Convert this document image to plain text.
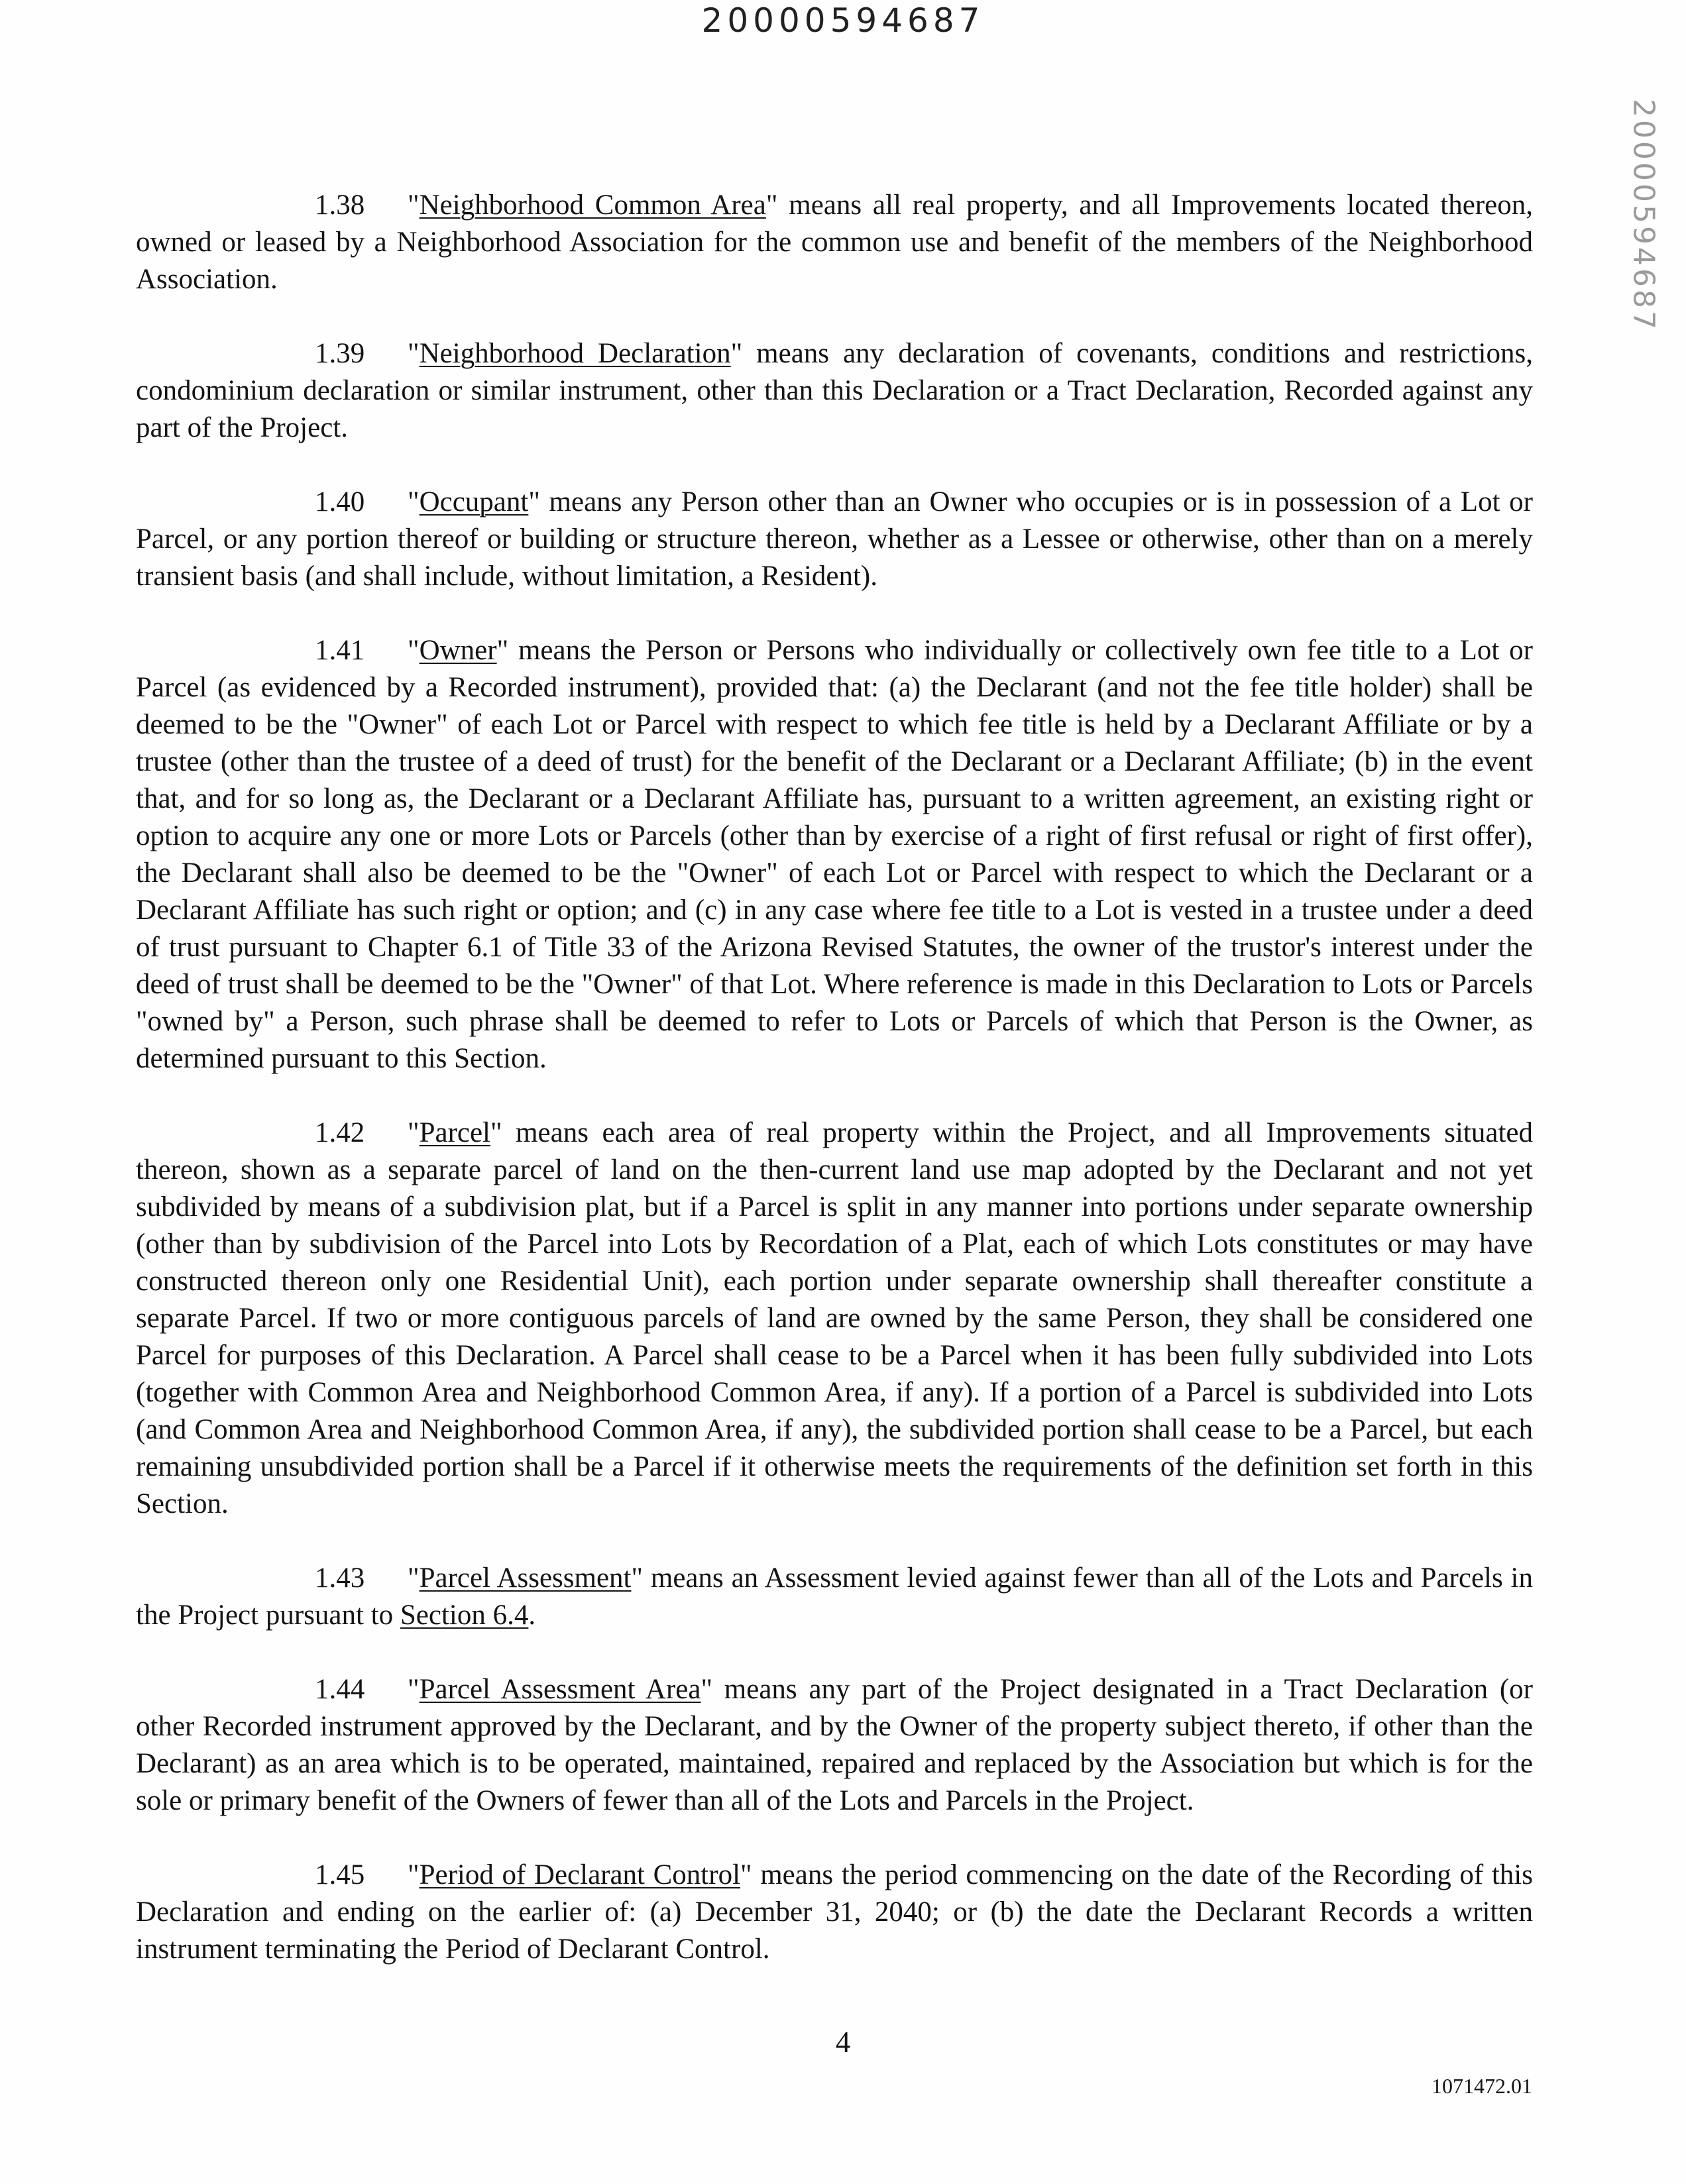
20000594687
20000594687

1.38 "Neighborhood Common Area" means all real property, and all Improvements located thereon, owned or leased by a Neighborhood Association for the common use and benefit of the members of the Neighborhood Association.

1.39 "Neighborhood Declaration" means any declaration of covenants, conditions and restrictions, condominium declaration or similar instrument, other than this Declaration or a Tract Declaration, Recorded against any part of the Project.

1.40 "Occupant" means any Person other than an Owner who occupies or is in possession of a Lot or Parcel, or any portion thereof or building or structure thereon, whether as a Lessee or otherwise, other than on a merely transient basis (and shall include, without limitation, a Resident).

1.41 "Owner" means the Person or Persons who individually or collectively own fee title to a Lot or Parcel (as evidenced by a Recorded instrument), provided that: (a) the Declarant (and not the fee title holder) shall be deemed to be the "Owner" of each Lot or Parcel with respect to which fee title is held by a Declarant Affiliate or by a trustee (other than the trustee of a deed of trust) for the benefit of the Declarant or a Declarant Affiliate; (b) in the event that, and for so long as, the Declarant or a Declarant Affiliate has, pursuant to a written agreement, an existing right or option to acquire any one or more Lots or Parcels (other than by exercise of a right of first refusal or right of first offer), the Declarant shall also be deemed to be the "Owner" of each Lot or Parcel with respect to which the Declarant or a Declarant Affiliate has such right or option; and (c) in any case where fee title to a Lot is vested in a trustee under a deed of trust pursuant to Chapter 6.1 of Title 33 of the Arizona Revised Statutes, the owner of the trustor's interest under the deed of trust shall be deemed to be the "Owner" of that Lot. Where reference is made in this Declaration to Lots or Parcels "owned by" a Person, such phrase shall be deemed to refer to Lots or Parcels of which that Person is the Owner, as determined pursuant to this Section.

1.42 "Parcel" means each area of real property within the Project, and all Improvements situated thereon, shown as a separate parcel of land on the then-current land use map adopted by the Declarant and not yet subdivided by means of a subdivision plat, but if a Parcel is split in any manner into portions under separate ownership (other than by subdivision of the Parcel into Lots by Recordation of a Plat, each of which Lots constitutes or may have constructed thereon only one Residential Unit), each portion under separate ownership shall thereafter constitute a separate Parcel. If two or more contiguous parcels of land are owned by the same Person, they shall be considered one Parcel for purposes of this Declaration. A Parcel shall cease to be a Parcel when it has been fully subdivided into Lots (together with Common Area and Neighborhood Common Area, if any). If a portion of a Parcel is subdivided into Lots (and Common Area and Neighborhood Common Area, if any), the subdivided portion shall cease to be a Parcel, but each remaining unsubdivided portion shall be a Parcel if it otherwise meets the requirements of the definition set forth in this Section.

1.43 "Parcel Assessment" means an Assessment levied against fewer than all of the Lots and Parcels in the Project pursuant to Section 6.4.

1.44 "Parcel Assessment Area" means any part of the Project designated in a Tract Declaration (or other Recorded instrument approved by the Declarant, and by the Owner of the property subject thereto, if other than the Declarant) as an area which is to be operated, maintained, repaired and replaced by the Association but which is for the sole or primary benefit of the Owners of fewer than all of the Lots and Parcels in the Project.

1.45 "Period of Declarant Control" means the period commencing on the date of the Recording of this Declaration and ending on the earlier of: (a) December 31, 2040; or (b) the date the Declarant Records a written instrument terminating the Period of Declarant Control.

4
1071472.01
